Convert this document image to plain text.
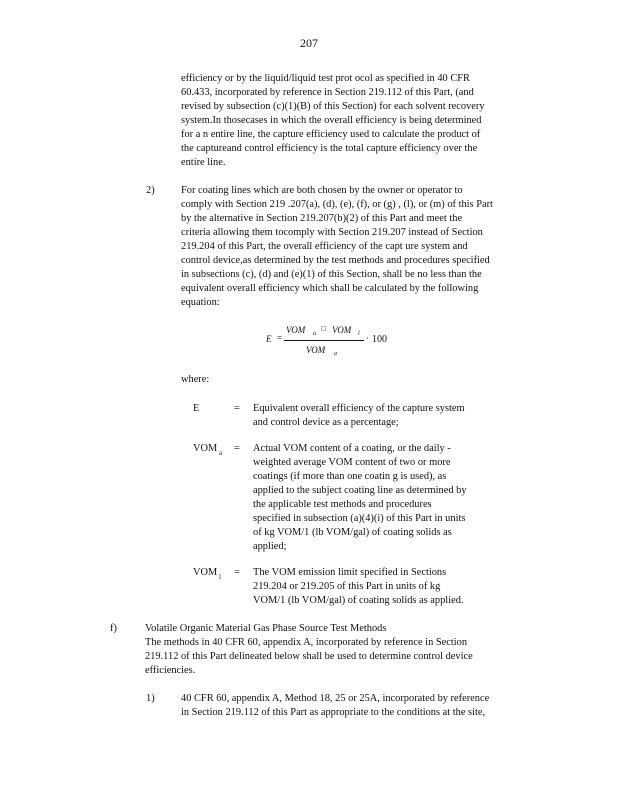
207
efficiency or by the liquid/liquid test prot ocol as specified in 40 CFR
60.433, incorporated by reference in Section 219.112 of this Part, (and
revised by subsection (c)(1)(B) of this Section) for each solvent recovery
system.In thosecases in which the overall efficiency is being determined
for a n entire line, the capture efficiency used to calculate the product of
the captureand control efficiency is the total capture efficiency over the
entire line.
2)	For coating lines which are both chosen by the owner or operator to
comply with Section 219 .207(a), (d), (e), (f), or (g) , (l), or (m) of this Part
by the alternative in Section 219.207(b)(2) of this Part and meet the
criteria allowing them tocomply with Section 219.207 instead of Section
219.204 of this Part, the overall efficiency of the capt ure system and
control device,as determined by the test methods and procedures specified
in subsections (c), (d) and (e)(1) of this Section, shall be no less than the
equivalent overall efficiency which shall be calculated by the following
equation:
E =
VOM a
□ VOM l
VOM a
· 100
where:
E	= Equivalent overall efficiency of the capture system
and control device as a percentage;
VOM a = Actual VOM content of a coating, or the daily -
weighted average VOM content of two or more
coatings (if more than one coatin g is used), as
applied to the subject coating line as determined by
the applicable test methods and procedures
specified in subsection (a)(4)(i) of this Part in units
of kg VOM/1 (lb VOM/gal) of coating solids as
applied;
VOM l = The VOM emission limit specified in Sections
219.204 or 219.205 of this Part in units of kg
VOM/1 (lb VOM/gal) of coating solids as applied.
f)	Volatile Organic Material Gas Phase Source Test Methods
The methods in 40 CFR 60, appendix A, incorporated by reference in Section
219.112 of this Part delineated below shall be used to determine control device
efficiencies.
1)	40 CFR 60, appendix A, Method 18, 25 or 25A, incorporated by reference
in Section 219.112 of this Part as appropriate to the conditions at the site,
